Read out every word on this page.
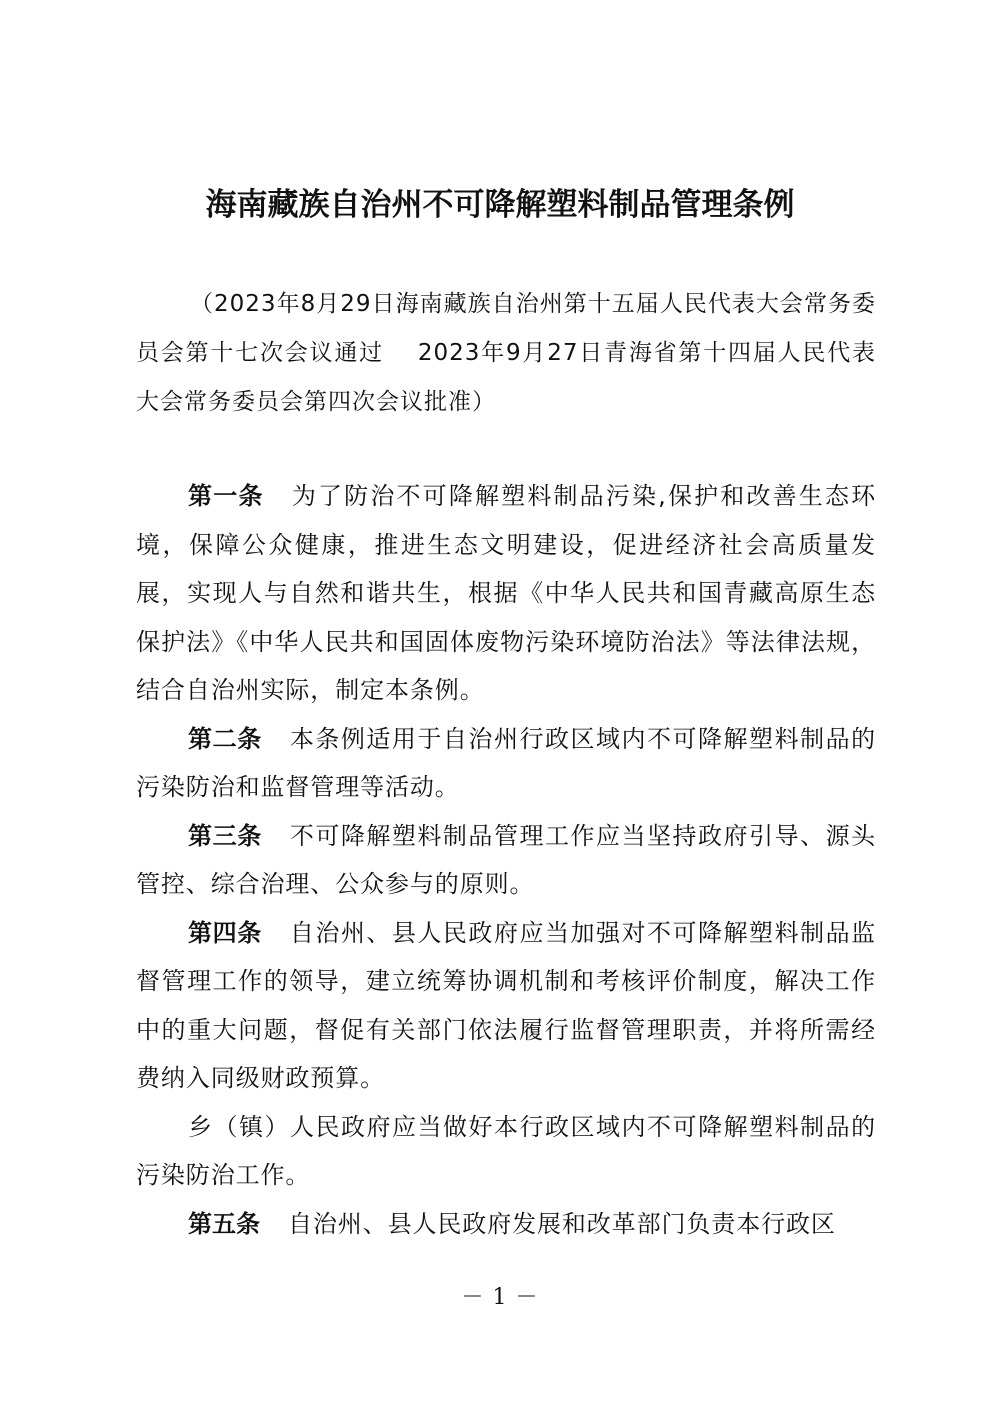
海南藏族自治州不可降解塑料制品管理条例

（2023年8月29日海南藏族自治州第十五届人民代表大会常务委员会第十七次会议通过　 2023年9月27日青海省第十四届人民代表大会常务委员会第四次会议批准）

第一条 为了防治不可降解塑料制品污染,保护和改善生态环境，保障公众健康，推进生态文明建设，促进经济社会高质量发展，实现人与自然和谐共生，根据《中华人民共和国青藏高原生态保护法》《中华人民共和国固体废物污染环境防治法》等法律法规，结合自治州实际，制定本条例。

第二条 本条例适用于自治州行政区域内不可降解塑料制品的污染防治和监督管理等活动。

第三条 不可降解塑料制品管理工作应当坚持政府引导、源头管控、综合治理、公众参与的原则。

第四条 自治州、县人民政府应当加强对不可降解塑料制品监督管理工作的领导，建立统筹协调机制和考核评价制度，解决工作中的重大问题，督促有关部门依法履行监督管理职责，并将所需经费纳入同级财政预算。

乡（镇）人民政府应当做好本行政区域内不可降解塑料制品的污染防治工作。

第五条 自治州、县人民政府发展和改革部门负责本行政区

－ 1 －
